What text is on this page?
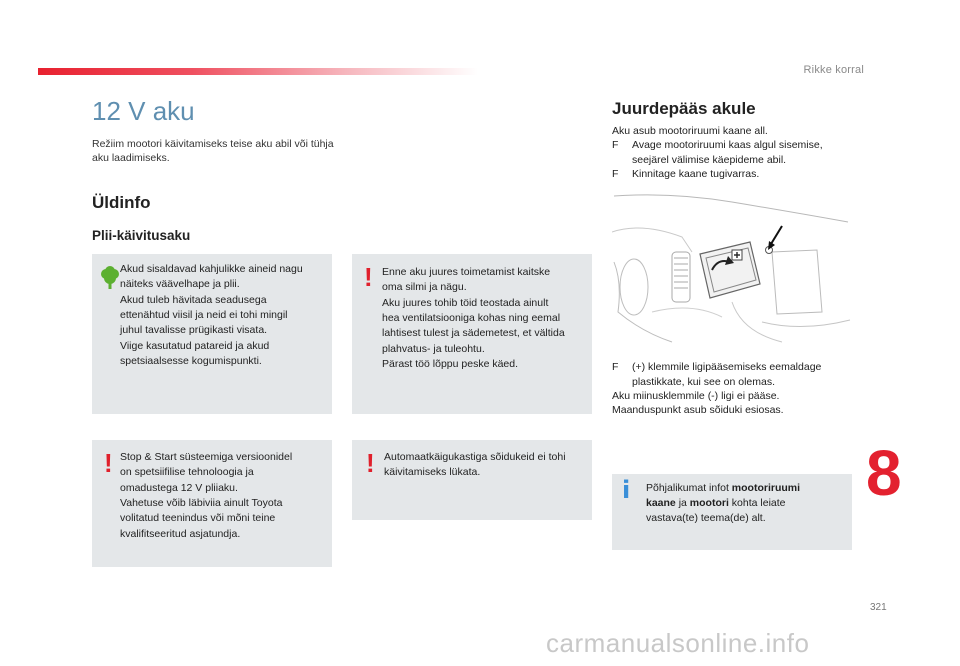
Rikke korral
12 V aku

Režiim mootori käivitamiseks teise aku abil või tühja aku laadimiseks.

Üldinfo
Plii-käivitusaku

Akud sisaldavad kahjulikke aineid nagu

näiteks väävelhape ja plii.

Akud tuleb hävitada seadusega

ettenähtud viisil ja neid ei tohi mingil

juhul tavalisse prügikasti visata.

Viige kasutatud patareid ja akud

spetsiaalsesse kogumispunkti.

! Enne aku juures toimetamist kaitske

oma silmi ja nägu.

Aku juures tohib töid teostada ainult

hea ventilatsiooniga kohas ning eemal

lahtisest tulest ja sädemetest, et vältida

plahvatus- ja tuleohtu.

Pärast töö lõppu peske käed.

! Stop & Start süsteemiga versioonidel

on spetsiifilise tehnoloogia ja

omadustega 12 V pliiaku.

Vahetuse võib läbiviia ainult Toyota

volitatud teenindus või mõni teine

kvalifitseeritud asjatundja.

! Automaatkäigukastiga sõidukeid ei tohi

käivitamiseks lükata.

Juurdepääs akule

Aku asub mootoriruumi kaane all.

F Avage mootoriruumi kaas algul sisemise,
seejärel välimise käepideme abil.
F Kinnitage kaane tugivarras.
F (+) klemmile ligipääsemiseks eemaldage
plastikkate, kui see on olemas.

Aku miinusklemmile (-) ligi ei pääse.

Maanduspunkt asub sõiduki esiosas.

i Põhjalikumat infot mootoriruumi

kaane ja mootori kohta leiate

vastava(te) teema(de) alt.

8
321
carmanualsonline.info
